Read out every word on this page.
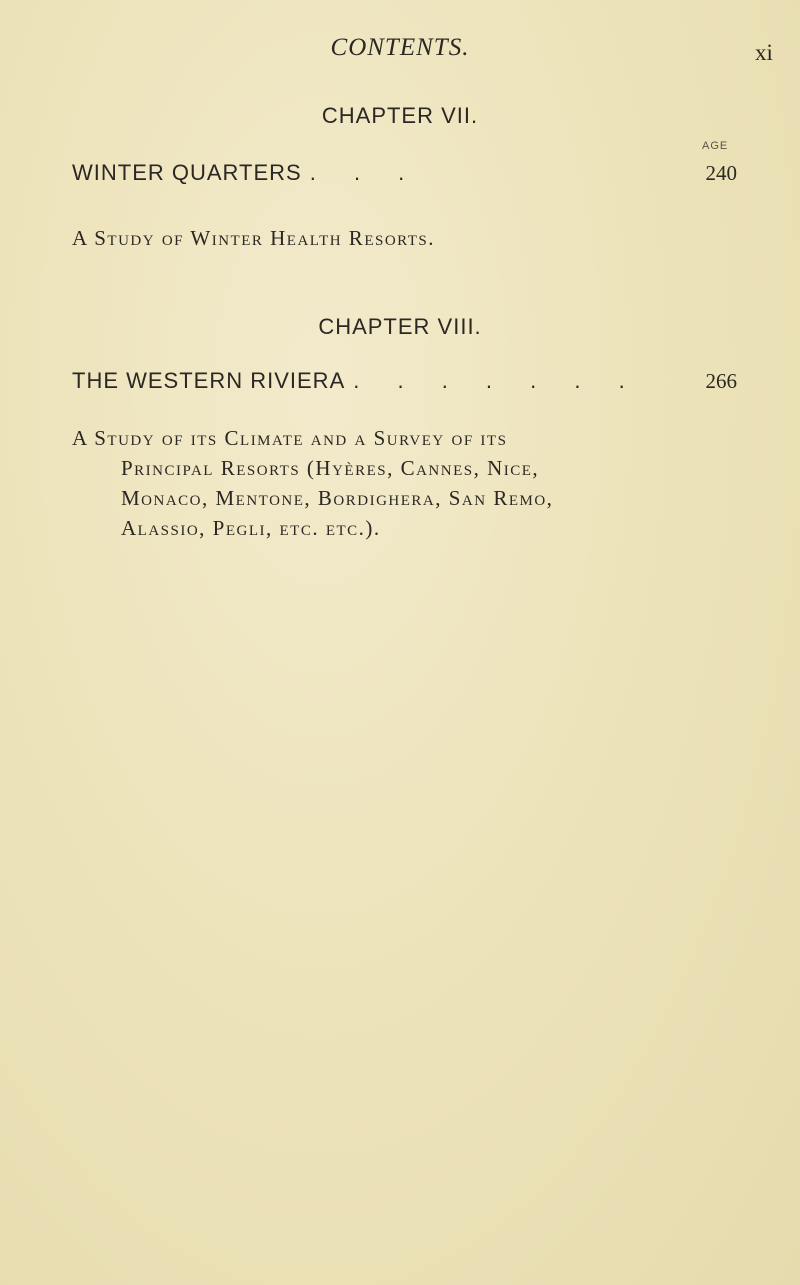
CONTENTS.	xi
CHAPTER VII.
AGE
WINTER QUARTERS . . .	240
A Study of Winter Health Resorts.
CHAPTER VIII.
THE WESTERN RIVIERA . . . . . . .	266
A Study of its Climate and a Survey of its
Principal Resorts (Hyères, Cannes, Nice,
Monaco, Mentone, Bordighera, San Remo,
Alassio, Pegli, etc. etc.).
